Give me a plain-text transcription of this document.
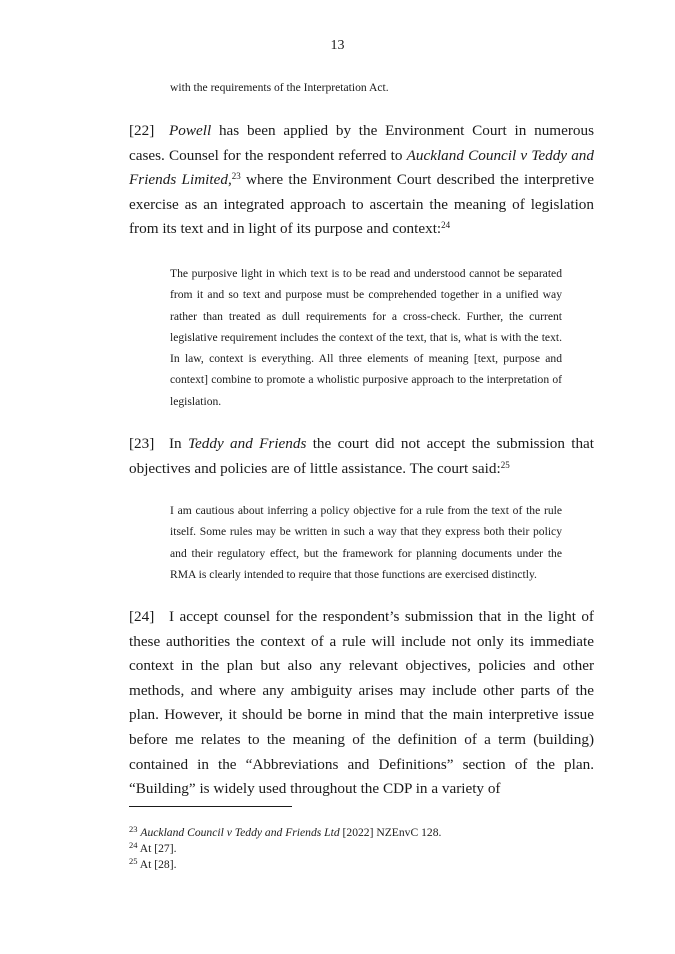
13

with the requirements of the Interpretation Act.

[22] Powell has been applied by the Environment Court in numerous cases. Counsel for the respondent referred to Auckland Council v Teddy and Friends Limited,$^{23}$ where the Environment Court described the interpretive exercise as an integrated approach to ascertain the meaning of legislation from its text and in light of its purpose and context:$^{24}$

The purposive light in which text is to be read and understood cannot be separated from it and so text and purpose must be comprehended together in a unified way rather than treated as dull requirements for a cross-check. Further, the current legislative requirement includes the context of the text, that is, what is with the text. In law, context is everything. All three elements of meaning [text, purpose and context] combine to promote a wholistic purposive approach to the interpretation of legislation.

[23] In Teddy and Friends the court did not accept the submission that objectives and policies are of little assistance. The court said:$^{25}$

I am cautious about inferring a policy objective for a rule from the text of the rule itself. Some rules may be written in such a way that they express both their policy and their regulatory effect, but the framework for planning documents under the RMA is clearly intended to require that those functions are exercised distinctly.

[24] I accept counsel for the respondent’s submission that in the light of these authorities the context of a rule will include not only its immediate context in the plan but also any relevant objectives, policies and other methods, and where any ambiguity arises may include other parts of the plan. However, it should be borne in mind that the main interpretive issue before me relates to the meaning of the definition of a term (building) contained in the “Abbreviations and Definitions” section of the plan. “Building” is widely used throughout the CDP in a variety of

$^{23}$ Auckland Council v Teddy and Friends Ltd [2022] NZEnvC 128.

$^{24}$ At [27].

$^{25}$ At [28].
